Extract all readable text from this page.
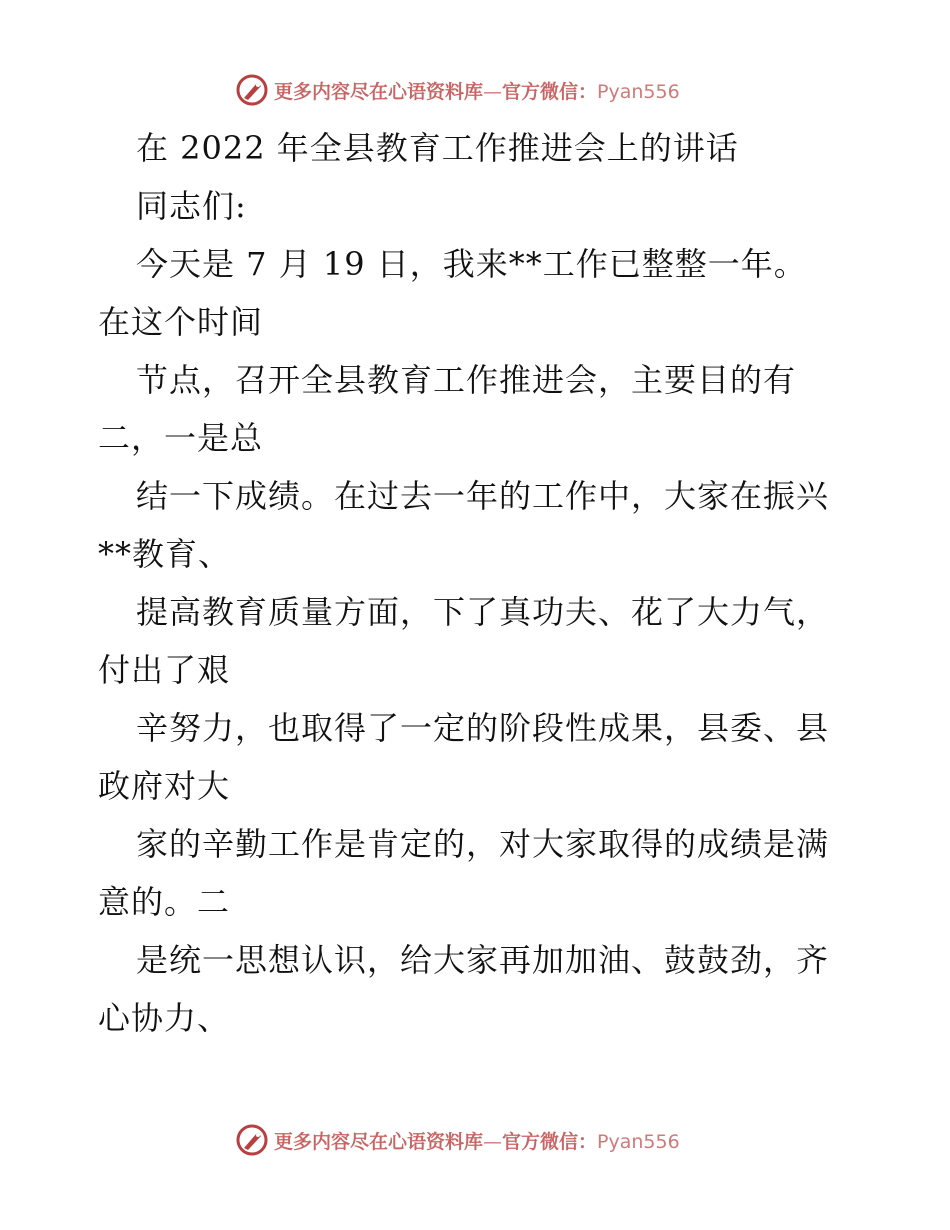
更多内容尽在心语资料库—官方微信：Pyan556
在 2022 年全县教育工作推进会上的讲话
同志们:
今天是 7 月 19 日，我来**工作已整整一年。
在这个时间
节点，召开全县教育工作推进会，主要目的有
二，一是总
结一下成绩。在过去一年的工作中，大家在振兴
**教育、
提高教育质量方面，下了真功夫、花了大力气，
付出了艰
辛努力，也取得了一定的阶段性成果，县委、县
政府对大
家的辛勤工作是肯定的，对大家取得的成绩是满
意的。二
是统一思想认识，给大家再加加油、鼓鼓劲，齐
心协力、
更多内容尽在心语资料库—官方微信：Pyan556
